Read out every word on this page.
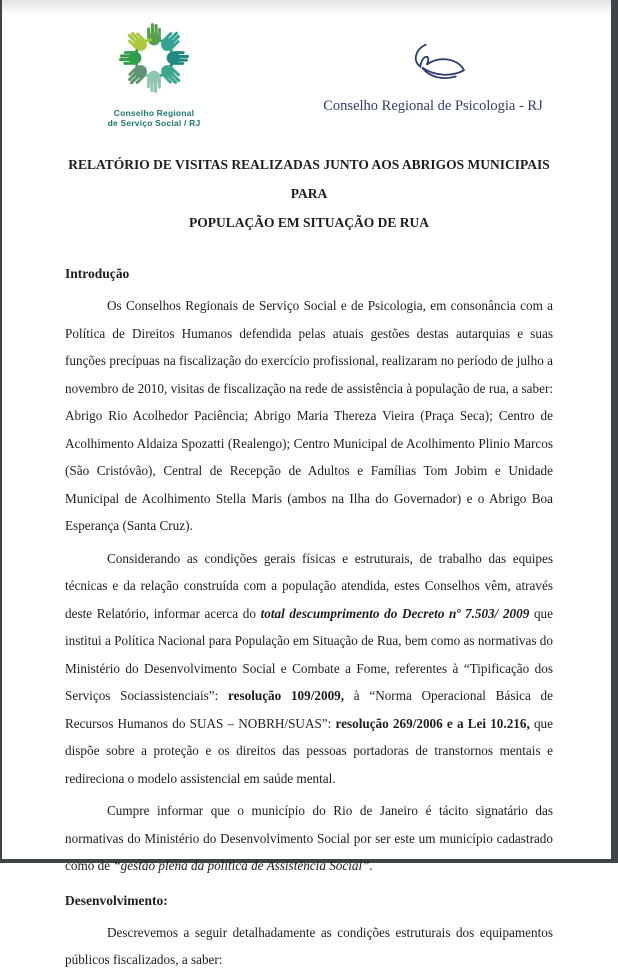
Conselho Regional
de Serviço Social / RJ
Conselho Regional de Psicologia - RJ
RELATÓRIO DE VISITAS REALIZADAS JUNTO AOS ABRIGOS MUNICIPAIS PARA
POPULAÇÃO EM SITUAÇÃO DE RUA
Introdução

Os Conselhos Regionais de Serviço Social e de Psicologia, em consonância com a Política de Direitos Humanos defendida pelas atuais gestões destas autarquias e suas funções precípuas na fiscalização do exercício profissional, realizaram no período de julho a novembro de 2010, visitas de fiscalização na rede de assistência à população de rua, a saber: Abrigo Rio Acolhedor Paciência; Abrigo Maria Thereza Vieira (Praça Seca); Centro de Acolhimento Aldaiza Spozatti (Realengo); Centro Municipal de Acolhimento Plinio Marcos (São Cristóvão), Central de Recepção de Adultos e Famílias Tom Jobim e Unidade Municipal de Acolhimento Stella Maris (ambos na Ilha do Governador) e o Abrigo Boa Esperança (Santa Cruz).

Considerando as condições gerais físicas e estruturais, de trabalho das equipes técnicas e da relação construída com a população atendida, estes Conselhos vêm, através deste Relatório, informar acerca do total descumprimento do Decreto nº 7.503/ 2009 que institui a Política Nacional para População em Situação de Rua, bem como as normativas do Ministério do Desenvolvimento Social e Combate a Fome, referentes à “Tipificação dos Serviços Sociassistenciais”: resolução 109/2009, à “Norma Operacional Básica de Recursos Humanos do SUAS – NOBRH/SUAS”: resolução 269/2006 e a Lei 10.216, que dispõe sobre a proteção e os direitos das pessoas portadoras de transtornos mentais e redireciona o modelo assistencial em saúde mental.

Cumpre informar que o município do Rio de Janeiro é tácito signatário das normativas do Ministério do Desenvolvimento Social por ser este um município cadastrado como de “gestão plena da política de Assistência Social”.

Desenvolvimento:

Descrevemos a seguir detalhadamente as condições estruturais dos equipamentos públicos fiscalizados, a saber:
